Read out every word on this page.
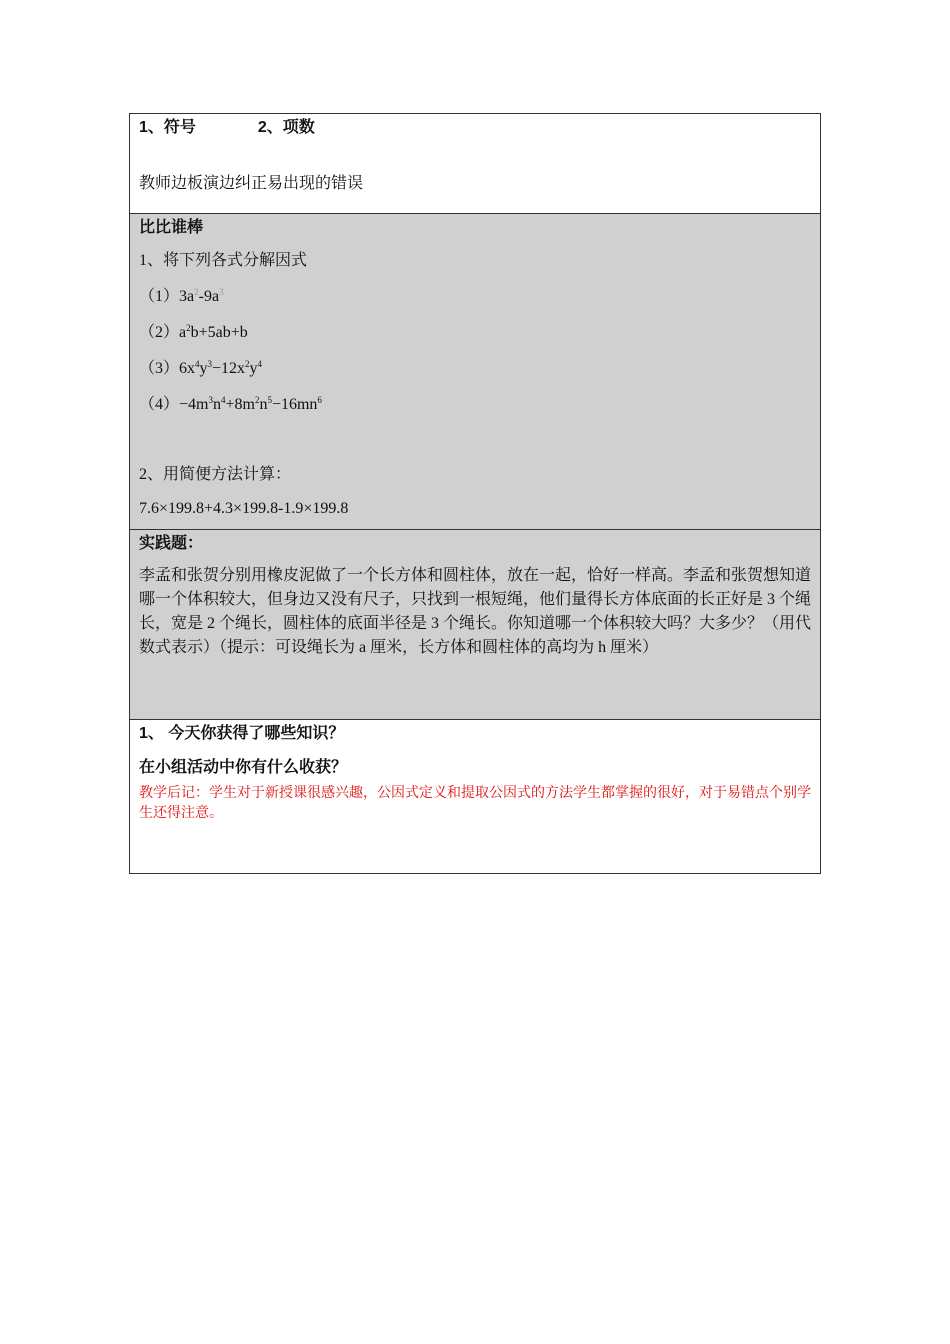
1、符号	2、项数
教师边板演边纠正易出现的错误

比比谁棒
1、将下列各式分解因式
$(1)3a^2-9a^3$
$(2)a^2b+5ab+b$
$(3)6x^4y^3-12x^2y^4$
$(4)-4m^3n^4+8m^2n^5-16mn^6$
2、用简便方法计算：
7.6×199.8+4.3×199.8-1.9×199.8

实践题：
李孟和张贺分别用橡皮泥做了一个长方体和圆柱体，放在一起，恰好一样高。李孟和张贺想知道哪一个体积较大，但身边又没有尺子，只找到一根短绳，他们量得长方体底面的长正好是 3 个绳长，宽是 2 个绳长，圆柱体的底面半径是 3 个绳长。你知道哪一个体积较大吗？大多少？（用代数式表示）（提示：可设绳长为 a 厘米，长方体和圆柱体的高均为 h 厘米）

1、 今天你获得了哪些知识？
在小组活动中你有什么收获？
教学后记：学生对于新授课很感兴趣，公因式定义和提取公因式的方法学生都掌握的很好，对于易错点个别学生还得注意。
